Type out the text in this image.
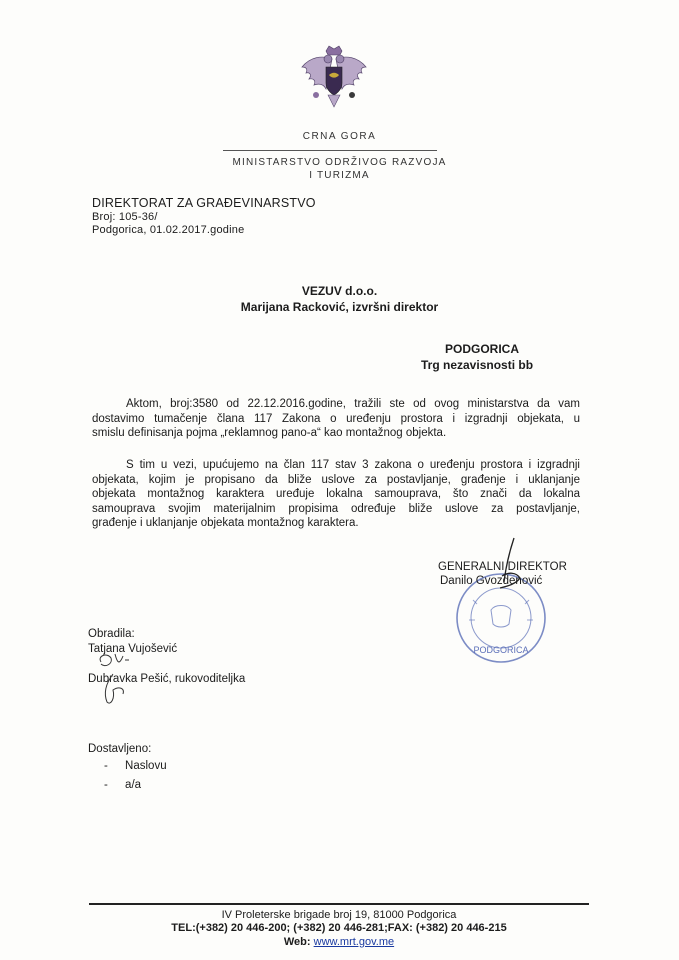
CRNA GORA
MINISTARSTVO ODRŽIVOG RAZVOJA
I TURIZMA
DIREKTORAT ZA GRAĐEVINARSTVO
Broj: 105-36/
Podgorica, 01.02.2017.godine
VEZUV d.o.o.
Marijana Racković, izvršni direktor
PODGORICA
Trg nezavisnosti bb
Aktom, broj:3580 od 22.12.2016.godine, tražili ste od ovog ministarstva da vam
dostavimo tumačenje člana 117 Zakona o uređenju prostora i izgradnji objekata, u
smislu definisanja pojma „reklamnog pano-a“ kao montažnog objekta.
S tim u vezi, upućujemo na član 117 stav 3 zakona o uređenju prostora i izgradnji
objekata, kojim je propisano da bliže uslove za postavljanje, građenje i uklanjanje
objekata montažnog karaktera uređuje lokalna samouprava, što znači da lokalna
samouprava svojim materijalnim propisima određuje bliže uslove za postavljanje,
građenje i uklanjanje objekata montažnog karaktera.
PODGORICA
GENERALNI DIREKTOR
Danilo Gvozdenović
Obradila:
Tatjana Vujošević
Dubravka Pešić, rukovoditeljka
Dostavljeno:
- Naslovu
- a/a
IV Proleterske brigade broj 19, 81000 Podgorica
TEL:(+382) 20 446-200; (+382) 20 446-281;FAX: (+382) 20 446-215
Web: www.mrt.gov.me
